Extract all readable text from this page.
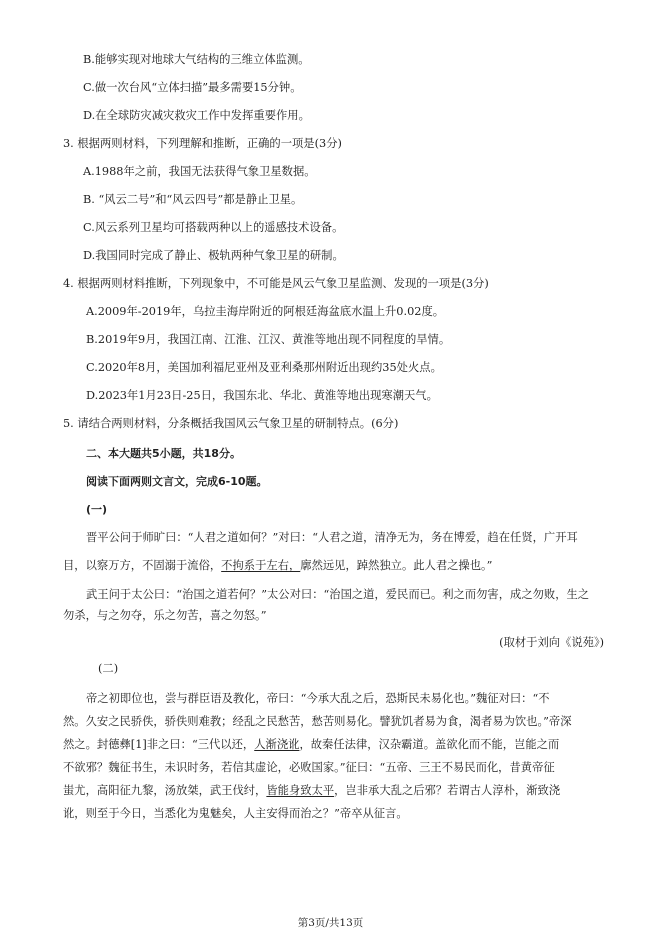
B.能够实现对地球大气结构的三维立体监测。
C.做一次台风“立体扫描”最多需要15分钟。
D.在全球防灾减灾救灾工作中发挥重要作用。
3. 根据两则材料，下列理解和推断，正确的一项是(3分)
A.1988年之前，我国无法获得气象卫星数据。
B. “风云二号”和“风云四号”都是静止卫星。
C.风云系列卫星均可搭载两种以上的遥感技术设备。
D.我国同时完成了静止、极轨两种气象卫星的研制。
4. 根据两则材料推断，下列现象中，不可能是风云气象卫星监测、发现的一项是(3分)
A.2009年-2019年，乌拉圭海岸附近的阿根廷海盆底水温上升0.02度。
B.2019年9月，我国江南、江淮、江汉、黄淮等地出现不同程度的旱情。
C.2020年8月，美国加利福尼亚州及亚利桑那州附近出现约35处火点。
D.2023年1月23日-25日，我国东北、华北、黄淮等地出现寒潮天气。
5. 请结合两则材料，分条概括我国风云气象卫星的研制特点。(6分)
二、本大题共5小题，共18分。
阅读下面两则文言文，完成6-10题。
(一)
晋平公问于师旷曰：“人君之道如何？”对曰：“人君之道，清净无为，务在博爱，趋在任贤，广开耳
目，以察万方，不固溺于流俗，不拘系于左右，廓然远见，踔然独立。此人君之操也。”
武王问于太公曰：“治国之道若何？”太公对曰：“治国之道，爱民而已。利之而勿害，成之勿败，生之
勿杀，与之勿夺，乐之勿苦，喜之勿怒。”
(取材于刘向《说苑》)
(二)
帝之初即位也，尝与群臣语及教化，帝曰：“今承大乱之后，恐斯民未易化也。”魏征对曰：“不
然。久安之民骄佚，骄佚则难教；经乱之民愁苦，愁苦则易化。譬犹饥者易为食，渴者易为饮也。”帝深
然之。封德彝[1]非之曰：“三代以还，人渐浇讹，故秦任法律，汉杂霸道。盖欲化而不能，岂能之而
不欲邪？魏征书生，未识时务，若信其虚论，必败国家。”征曰：“五帝、三王不易民而化，昔黄帝征
蚩尤，高阳征九黎，汤放桀，武王伐纣，皆能身致太平，岂非承大乱之后邪？若谓古人淳朴，渐致浇
讹，则至于今日，当悉化为鬼魅矣，人主安得而治之？”帝卒从征言。
第3页/共13页
